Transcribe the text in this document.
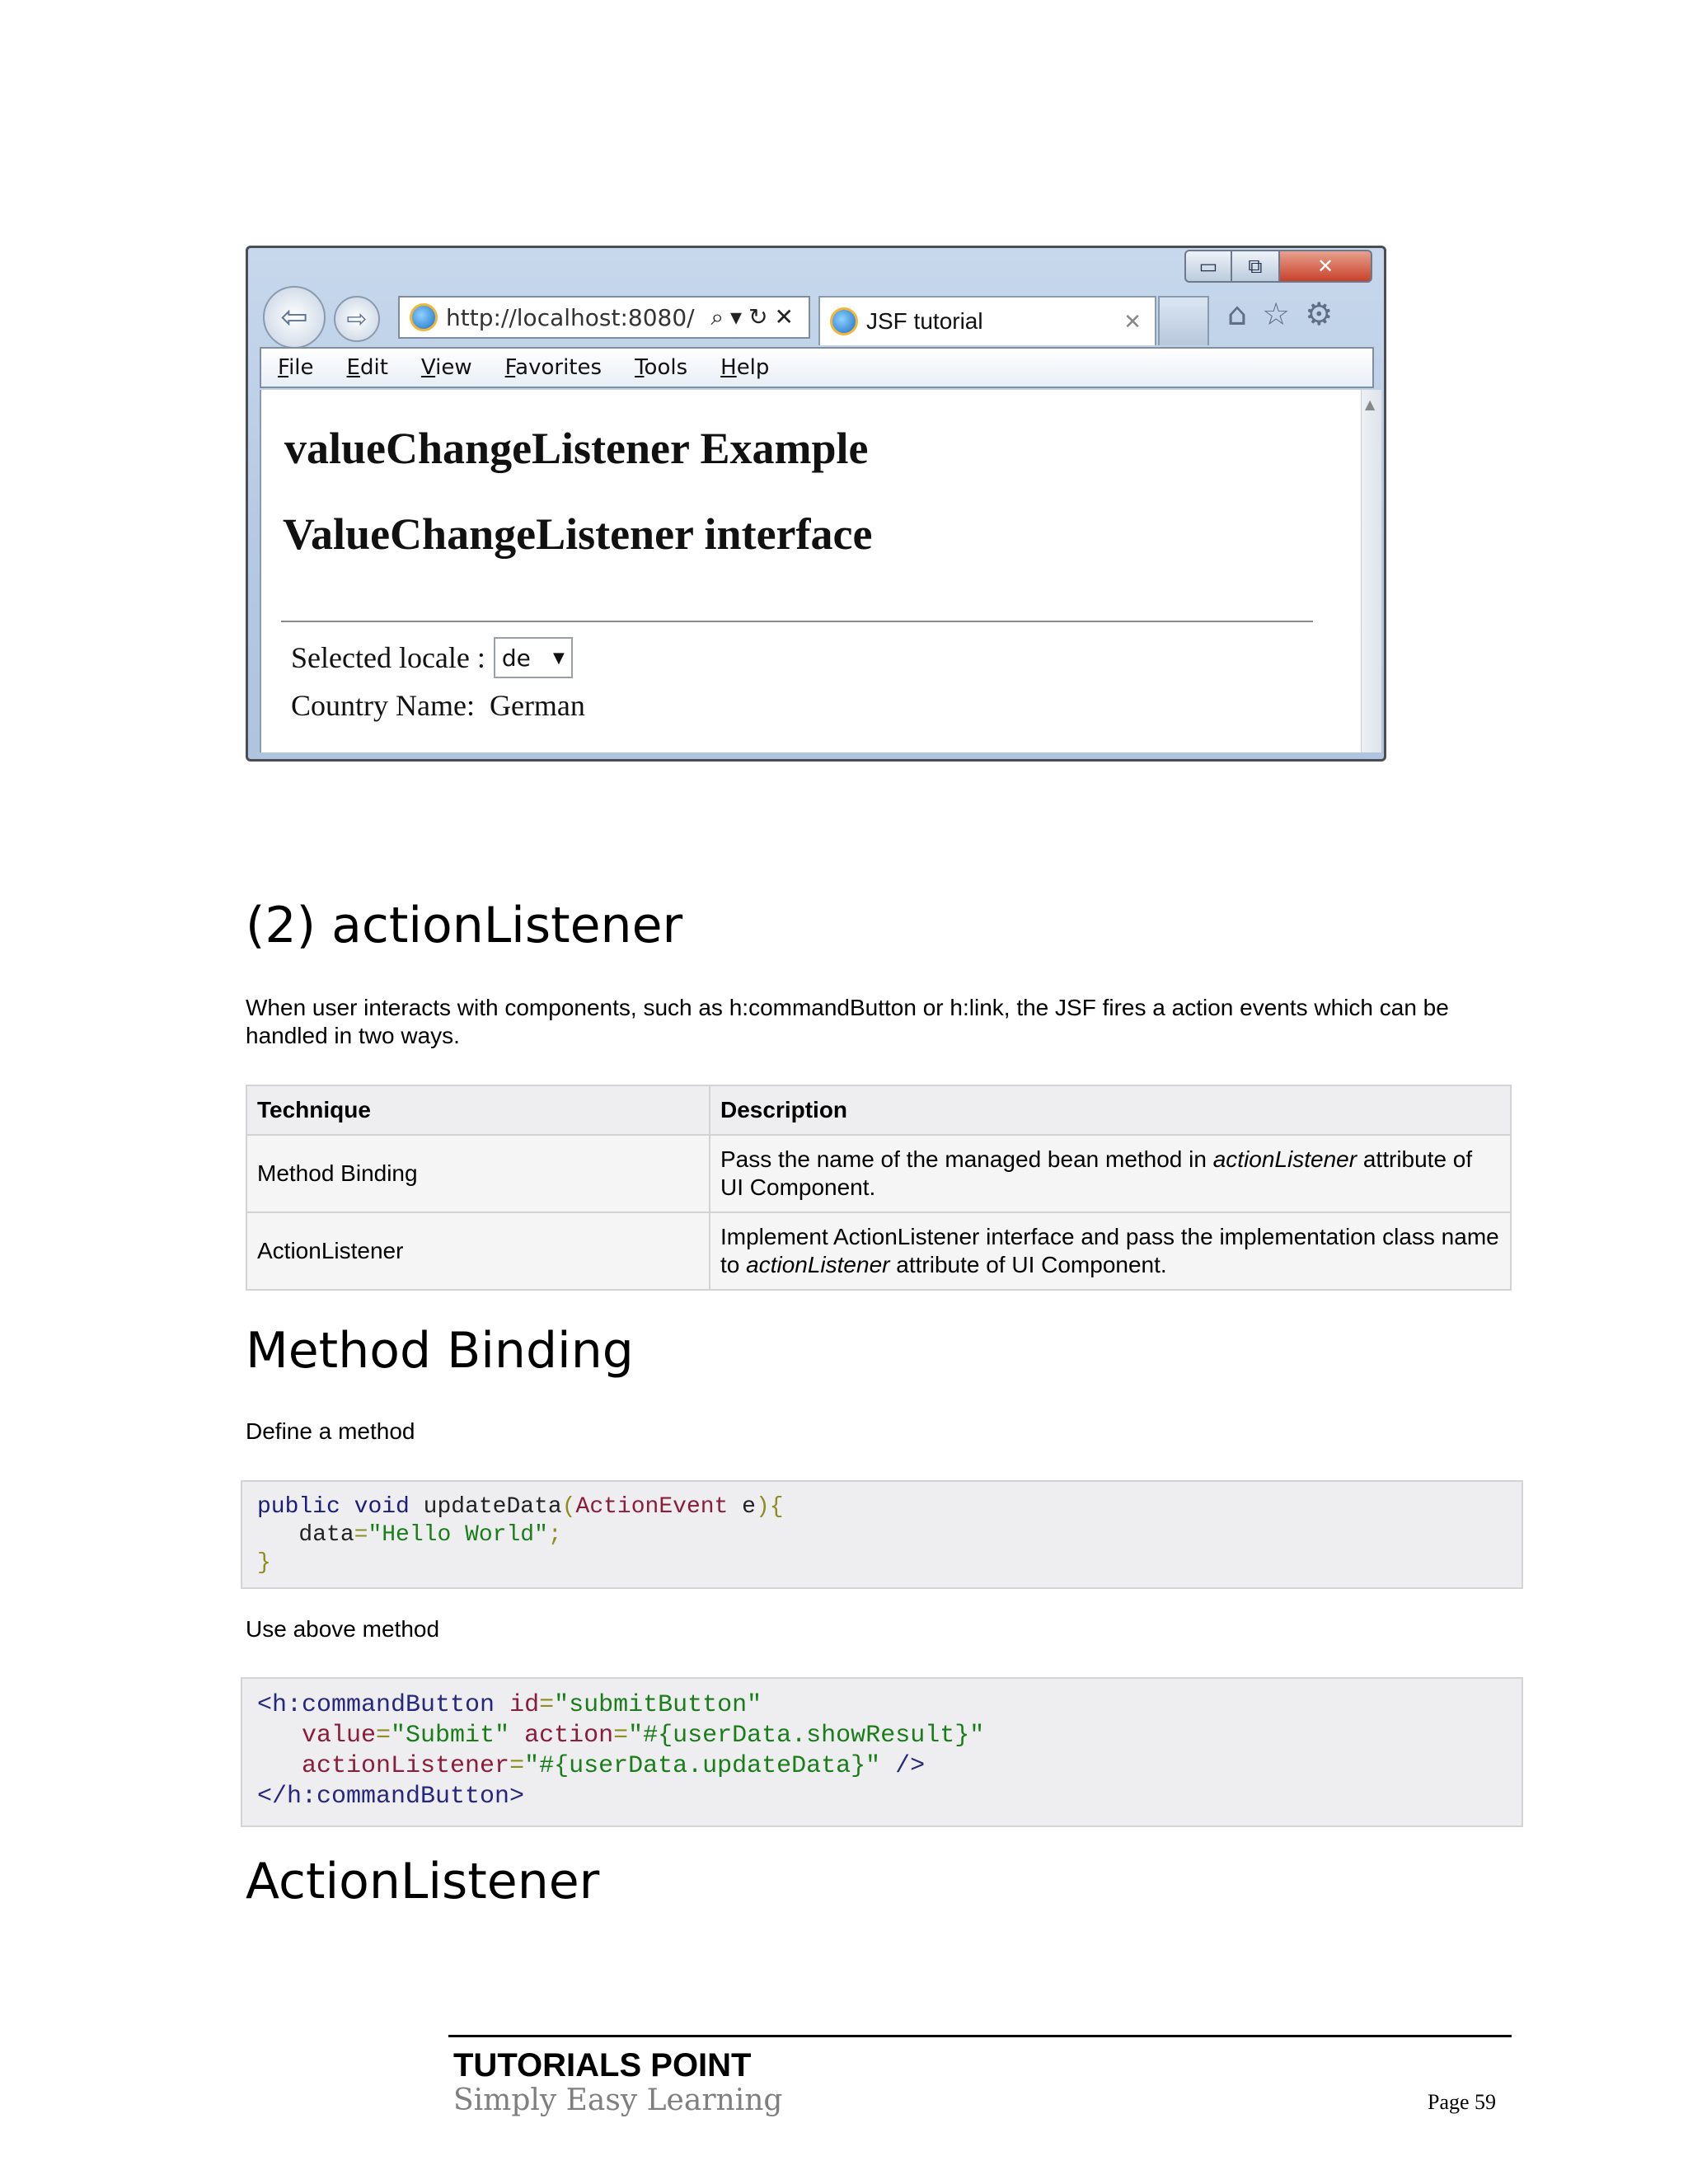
▭	⧉	✕
⇦	⇨	http://localhost:8080/ ⌕▾↻✕	JSF tutorial	✕	⌂ ☆ ⚙
File Edit View Favorites Tools Help
valueChangeListener Example
ValueChangeListener interface
Selected locale : de ▼
Country Name: German
▲
(2) actionListener
When user interacts with components, such as h:commandButton or h:link, the JSF fires a action events which can be handled in two ways.
Technique	Description
Method Binding	Pass the name of the managed bean method in actionListener attribute of UI Component.
ActionListener	Implement ActionListener interface and pass the implementation class name to actionListener attribute of UI Component.
Method Binding
Define a method
public void updateData(ActionEvent e){
data="Hello World";
}
Use above method
<h:commandButton id="submitButton"
value="Submit" action="#{userData.showResult}"
actionListener="#{userData.updateData}" />
</h:commandButton>
ActionListener
TUTORIALS POINT
Simply Easy Learning	Page 59
